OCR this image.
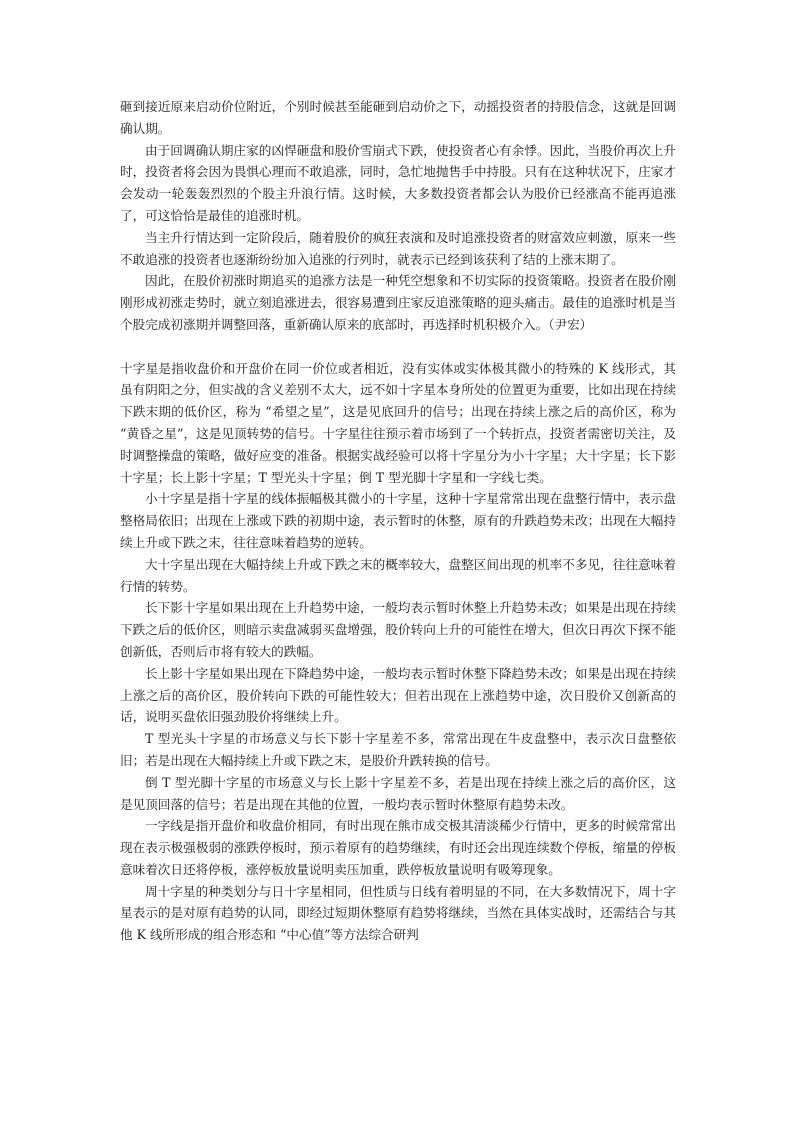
砸到接近原来启动价位附近，个别时候甚至能砸到启动价之下，动摇投资者的持股信念，这就是回调确认期。

由于回调确认期庄家的凶悍砸盘和股价雪崩式下跌，使投资者心有余悸。因此，当股价再次上升时，投资者将会因为畏惧心理而不敢追涨，同时，急忙地抛售手中持股。只有在这种状况下，庄家才会发动一轮轰轰烈烈的个股主升浪行情。这时候，大多数投资者都会认为股价已经涨高不能再追涨了，可这恰恰是最佳的追涨时机。

当主升行情达到一定阶段后，随着股价的疯狂表演和及时追涨投资者的财富效应刺激，原来一些不敢追涨的投资者也逐渐纷纷加入追涨的行列时，就表示已经到该获利了结的上涨末期了。

因此，在股价初涨时期追买的追涨方法是一种凭空想象和不切实际的投资策略。投资者在股价刚刚形成初涨走势时，就立刻追涨进去，很容易遭到庄家反追涨策略的迎头痛击。最佳的追涨时机是当个股完成初涨期并调整回落，重新确认原来的底部时，再选择时机积极介入。（尹宏）

十字星是指收盘价和开盘价在同一价位或者相近，没有实体或实体极其微小的特殊的 K 线形式，其虽有阴阳之分，但实战的含义差别不太大，远不如十字星本身所处的位置更为重要，比如出现在持续下跌末期的低价区，称为 “希望之星”，这是见底回升的信号；出现在持续上涨之后的高价区，称为 “黄昏之星”，这是见顶转势的信号。十字星往往预示着市场到了一个转折点，投资者需密切关注，及时调整操盘的策略，做好应变的准备。根据实战经验可以将十字星分为小十字星；大十字星；长下影十字星；长上影十字星；T 型光头十字星；倒 T 型光脚十字星和一字线七类。

小十字星是指十字星的线体振幅极其微小的十字星，这种十字星常常出现在盘整行情中，表示盘整格局依旧；出现在上涨或下跌的初期中途，表示暂时的休整，原有的升跌趋势未改；出现在大幅持续上升或下跌之末，往往意味着趋势的逆转。

大十字星出现在大幅持续上升或下跌之末的概率较大，盘整区间出现的机率不多见，往往意味着行情的转势。

长下影十字星如果出现在上升趋势中途，一般均表示暂时休整上升趋势未改；如果是出现在持续下跌之后的低价区，则暗示卖盘减弱买盘增强，股价转向上升的可能性在增大，但次日再次下探不能创新低，否则后市将有较大的跌幅。

长上影十字星如果出现在下降趋势中途，一般均表示暂时休整下降趋势未改；如果是出现在持续上涨之后的高价区，股价转向下跌的可能性较大；但若出现在上涨趋势中途，次日股价又创新高的话，说明买盘依旧强劲股价将继续上升。

T 型光头十字星的市场意义与长下影十字星差不多，常常出现在牛皮盘整中，表示次日盘整依旧；若是出现在大幅持续上升或下跌之末，是股价升跌转换的信号。

倒 T 型光脚十字星的市场意义与长上影十字星差不多，若是出现在持续上涨之后的高价区，这是见顶回落的信号；若是出现在其他的位置，一般均表示暂时休整原有趋势未改。

一字线是指开盘价和收盘价相同，有时出现在熊市成交极其清淡稀少行情中，更多的时候常常出现在表示极强极弱的涨跌停板时，预示着原有的趋势继续，有时还会出现连续数个停板，缩量的停板意味着次日还将停板，涨停板放量说明卖压加重，跌停板放量说明有吸筹现象。

周十字星的种类划分与日十字星相同，但性质与日线有着明显的不同，在大多数情况下，周十字星表示的是对原有趋势的认同，即经过短期休整原有趋势将继续，当然在具体实战时，还需结合与其他 K 线所形成的组合形态和 “中心值”等方法综合研判
